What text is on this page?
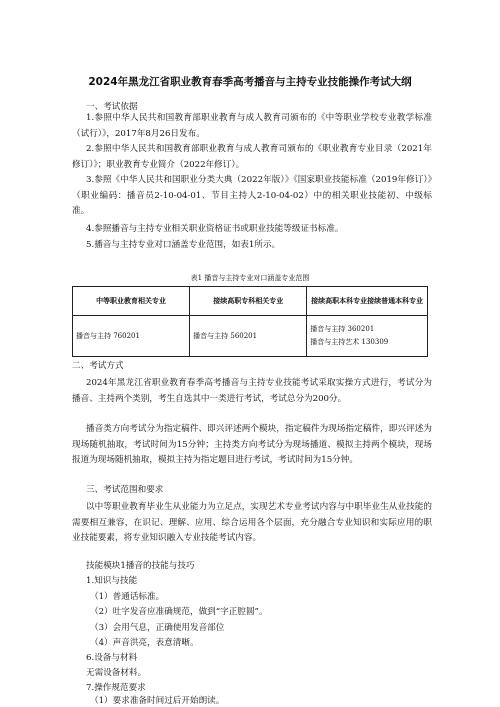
2024年黑龙江省职业教育春季高考播音与主持专业技能操作考试大纲
一、考试依据
1.参照中华人民共和国教育部职业教育与成人教育司颁布的《中等职业学校专业教学标准（试行）》，2017年8月26日发布。
2.参照中华人民共和国教育部职业教育与成人教育司颁布的《职业教育专业目录（2021年修订）》；职业教育专业简介（2022年修订）。
3.参照《中华人民共和国职业分类大典（2022年版）》《国家职业技能标准（2019年修订）》（职业编码：播音员2-10-04-01、节目主持人2-10-04-02）中的相关职业技能初、中级标准。
4.参照播音与主持专业相关职业资格证书或职业技能等级证书标准。
5.播音与主持专业对口涵盖专业范围，如表1所示。
表1 播音与主持专业对口涵盖专业范围
中等职业教育相关专业	接续高职专科相关专业	接续高职本科专业接续普通本科专业
播音与主持 760201	播音与主持 560201	播音与主持 360201
播音与主持艺术 130309
二、考试方式
2024年黑龙江省职业教育春季高考播音与主持专业技能考试采取实操方式进行，考试分为播音、主持两个类别，考生自选其中一类进行考试，考试总分为200分。
播音类方向考试分为指定稿件、即兴评述两个模块，指定稿件为现场指定稿件，即兴评述为现场随机抽取，考试时间为15分钟；主持类方向考试分为现场播道、模拟主持两个模块，现场报道为现场随机抽取，模拟主持为指定题目进行考试，考试时间为15分钟。
三、考试范围和要求
以中等职业教育毕业生从业能力为立足点，实现艺术专业考试内容与中职毕业生从业技能的需要相互兼容，在识记、理解、应用、综合运用各个层面，充分融合专业知识和实际应用的职业技能要素，将专业知识融入专业技能考试内容。
技能模块1播音的技能与技巧
1.知识与技能
（1）普通话标准。
（2）吐字发音应准确规范，做到“字正腔圆”。
（3）会用气息，正确使用发音部位
（4）声音洪亮，表意清晰。
6.设备与材料
无需设备材料。
7.操作规范要求
（1）要求准备时间过后开始朗读。
